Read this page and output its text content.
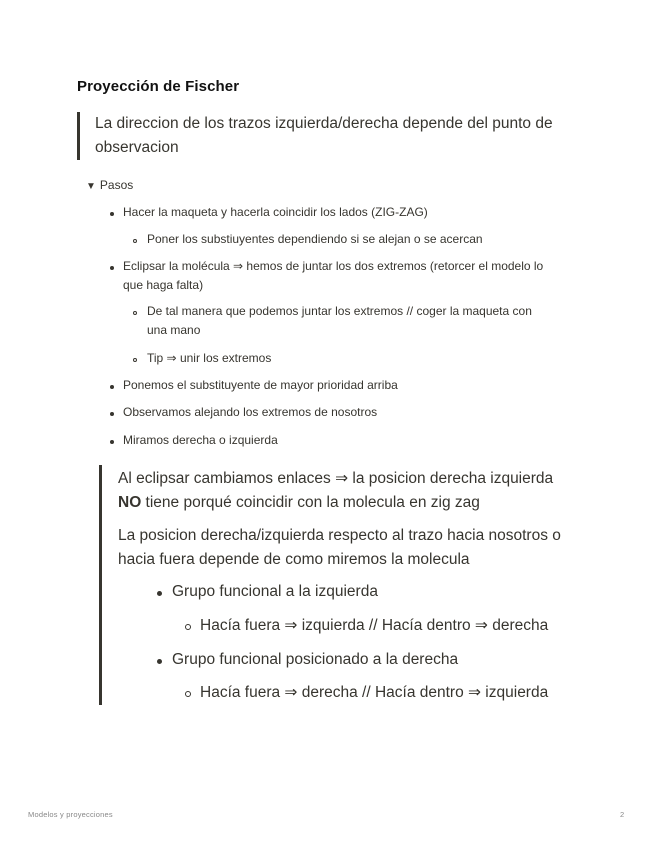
Proyección de Fischer
La direccion de los trazos izquierda/derecha depende del punto de observacion
▼ Pasos
Hacer la maqueta y hacerla coincidir los lados (ZIG-ZAG)
Poner los substiuyentes dependiendo si se alejan o se acercan
Eclipsar la molécula ⇒ hemos de juntar los dos extremos (retorcer el modelo lo
que haga falta)
De tal manera que podemos juntar los extremos // coger la maqueta con
una mano
Tip ⇒ unir los extremos
Ponemos el substituyente de mayor prioridad arriba
Observamos alejando los extremos de nosotros
Miramos derecha o izquierda
Al eclipsar cambiamos enlaces ⇒ la posicion derecha izquierda
NO tiene porqué coincidir con la molecula en zig zag
La posicion derecha/izquierda respecto al trazo hacia nosotros o
hacia fuera depende de como miremos la molecula
Grupo funcional a la izquierda
Hacía fuera ⇒ izquierda // Hacía dentro ⇒ derecha
Grupo funcional posicionado a la derecha
Hacía fuera ⇒ derecha // Hacía dentro ⇒ izquierda
Modelos y proyecciones	2
